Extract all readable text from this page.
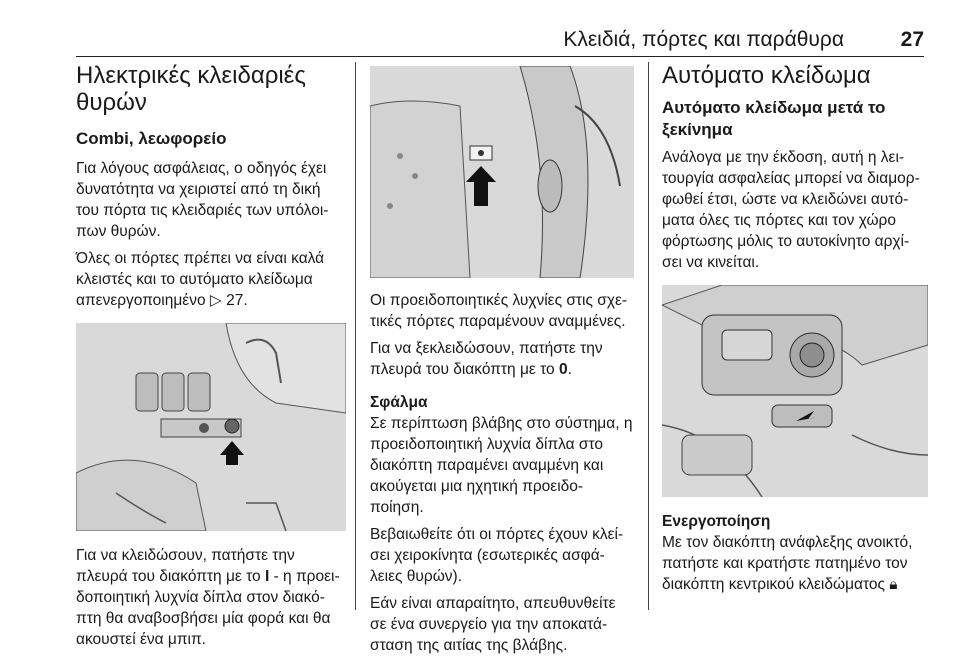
Κλειδιά, πόρτες και παράθυρα	27
Ηλεκτρικές κλειδαριές θυρών
Combi, λεωφορείο

Για λόγους ασφάλειας, ο οδηγός έχει δυνατότητα να χειριστεί από τη δική του πόρτα τις κλειδαριές των υπόλοι-πων θυρών.

Όλες οι πόρτες πρέπει να είναι καλά κλειστές και το αυτόματο κλείδωμα απενεργοποιημένο ▷ 27.

Για να κλειδώσουν, πατήστε την πλευρά του διακόπτη με το I - η προει-δοποιητική λυχνία δίπλα στον διακό-πτη θα αναβοσβήσει μία φορά και θα ακουστεί ένα μπιπ.

Οι προειδοποιητικές λυχνίες στις σχε-τικές πόρτες παραμένουν αναμμένες.

Για να ξεκλειδώσουν, πατήστε την πλευρά του διακόπτη με το 0.

Σφάλμα

Σε περίπτωση βλάβης στο σύστημα, η προειδοποιητική λυχνία δίπλα στο διακόπτη παραμένει αναμμένη και ακούγεται μια ηχητική προειδο-ποίηση.

Βεβαιωθείτε ότι οι πόρτες έχουν κλεί-σει χειροκίνητα (εσωτερικές ασφά-λειες θυρών).

Εάν είναι απαραίτητο, απευθυνθείτε σε ένα συνεργείο για την αποκατά-σταση της αιτίας της βλάβης.

Αυτόματο κλείδωμα
Αυτόματο κλείδωμα μετά το ξεκίνημα

Ανάλογα με την έκδοση, αυτή η λει-τουργία ασφαλείας μπορεί να διαμορ-φωθεί έτσι, ώστε να κλειδώνει αυτό-ματα όλες τις πόρτες και τον χώρο φόρτωσης μόλις το αυτοκίνητο αρχί-σει να κινείται.

Ενεργοποίηση

Με τον διακόπτη ανάφλεξης ανοικτό, πατήστε και κρατήστε πατημένο τον διακόπτη κεντρικού κλειδώματος 🔒︎
